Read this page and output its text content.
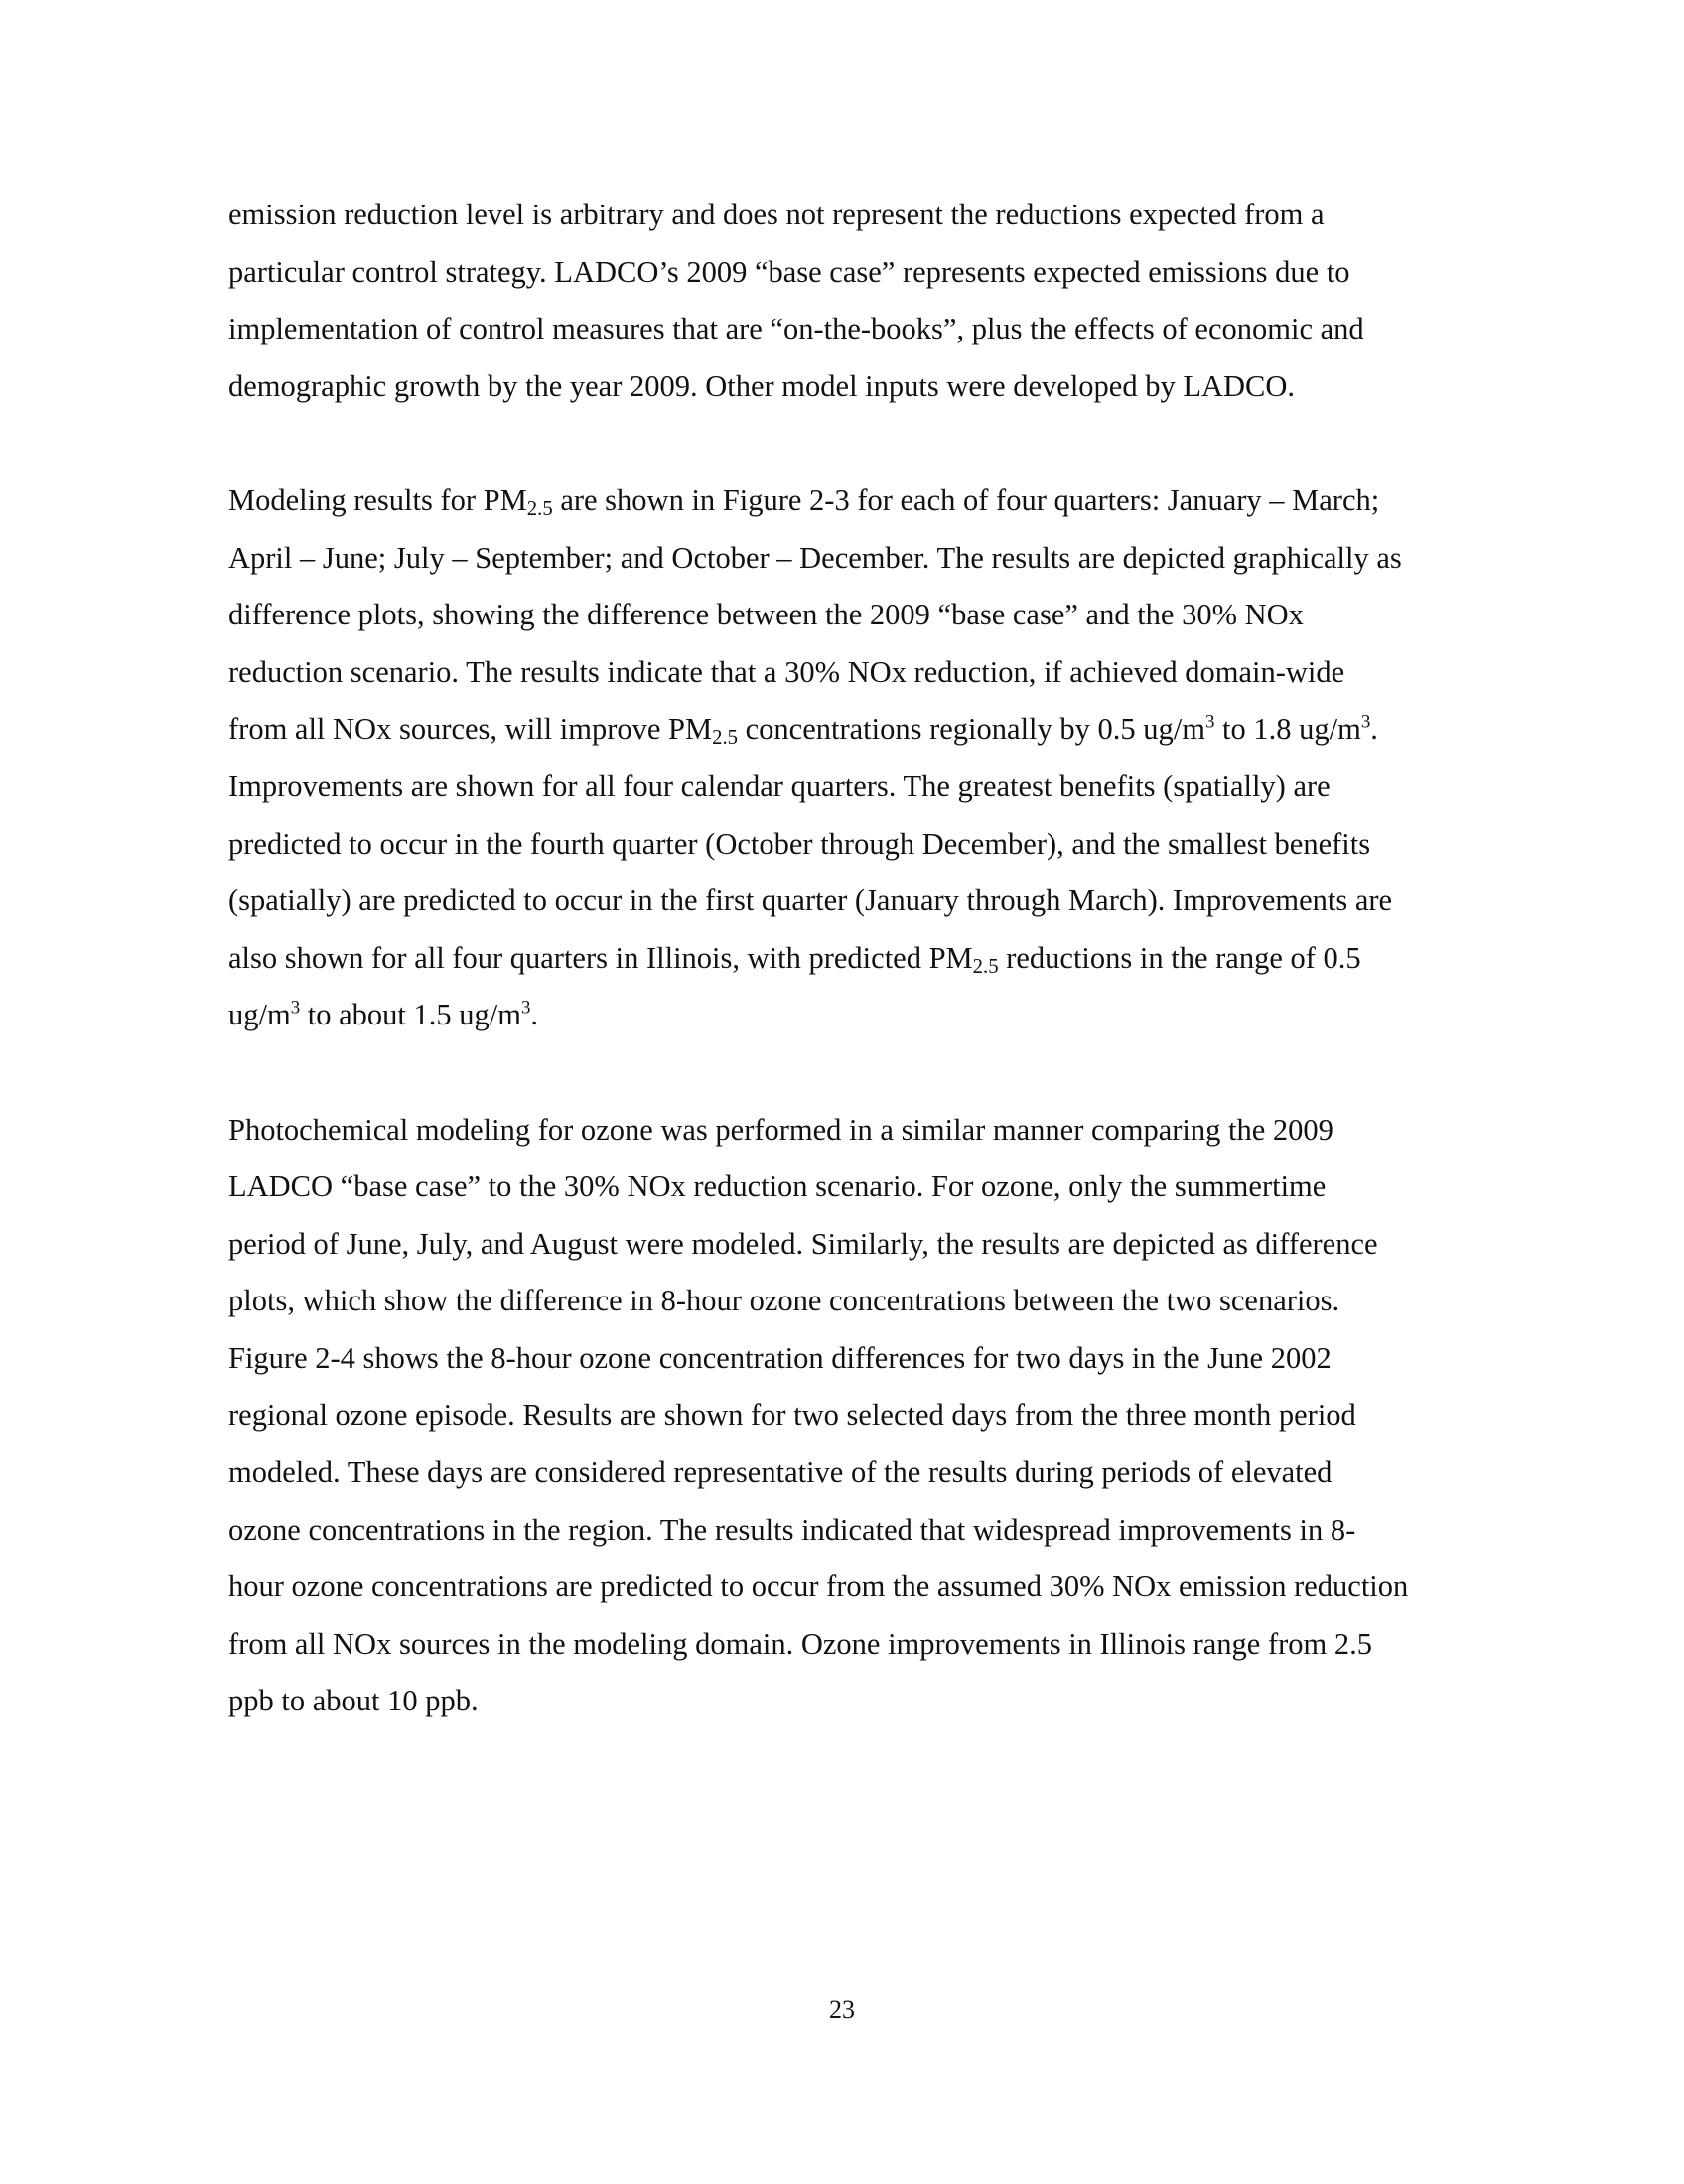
emission reduction level is arbitrary and does not represent the reductions expected from a
particular control strategy. LADCO’s 2009 “base case” represents expected emissions due to
implementation of control measures that are “on-the-books”, plus the effects of economic and
demographic growth by the year 2009. Other model inputs were developed by LADCO.

Modeling results for $PM_{2.5}$ are shown in Figure 2-3 for each of four quarters: January – March;
April – June; July – September; and October – December. The results are depicted graphically as
difference plots, showing the difference between the 2009 “base case” and the 30% NOx
reduction scenario. The results indicate that a 30% NOx reduction, if achieved domain-wide
from all NOx sources, will improve $PM_{2.5}$ concentrations regionally by 0.5 $ug/m^3$ to 1.8 $ug/m^3$.
Improvements are shown for all four calendar quarters. The greatest benefits (spatially) are
predicted to occur in the fourth quarter (October through December), and the smallest benefits
(spatially) are predicted to occur in the first quarter (January through March). Improvements are
also shown for all four quarters in Illinois, with predicted $PM_{2.5}$ reductions in the range of 0.5
$ug/m^3$ to about 1.5 $ug/m^3$.

Photochemical modeling for ozone was performed in a similar manner comparing the 2009
LADCO “base case” to the 30% NOx reduction scenario. For ozone, only the summertime
period of June, July, and August were modeled. Similarly, the results are depicted as difference
plots, which show the difference in 8-hour ozone concentrations between the two scenarios.
Figure 2-4 shows the 8-hour ozone concentration differences for two days in the June 2002
regional ozone episode. Results are shown for two selected days from the three month period
modeled. These days are considered representative of the results during periods of elevated
ozone concentrations in the region. The results indicated that widespread improvements in 8-
hour ozone concentrations are predicted to occur from the assumed 30% NOx emission reduction
from all NOx sources in the modeling domain. Ozone improvements in Illinois range from 2.5
ppb to about 10 ppb.

23
